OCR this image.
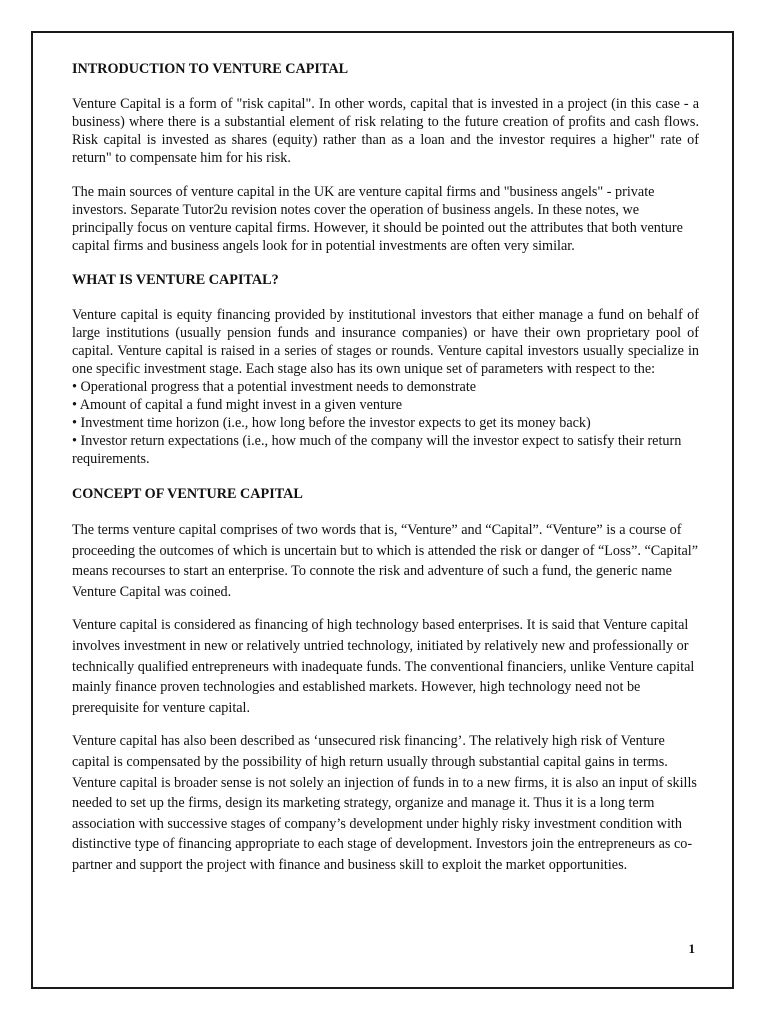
INTRODUCTION TO VENTURE CAPITAL

Venture Capital is a form of "risk capital". In other words, capital that is invested in a project (in this case - a business) where there is a substantial element of risk relating to the future creation of profits and cash flows. Risk capital is invested as shares (equity) rather than as a loan and the investor requires a higher" rate of return" to compensate him for his risk.

The main sources of venture capital in the UK are venture capital firms and "business angels" - private investors. Separate Tutor2u revision notes cover the operation of business angels. In these notes, we principally focus on venture capital firms. However, it should be pointed out the attributes that both venture capital firms and business angels look for in potential investments are often very similar.

WHAT IS VENTURE CAPITAL?

Venture capital is equity financing provided by institutional investors that either manage a fund on behalf of large institutions (usually pension funds and insurance companies) or have their own proprietary pool of capital. Venture capital is raised in a series of stages or rounds. Venture capital investors usually specialize in one specific investment stage. Each stage also has its own unique set of parameters with respect to the:

• Operational progress that a potential investment needs to demonstrate
• Amount of capital a fund might invest in a given venture
• Investment time horizon (i.e., how long before the investor expects to get its money back)
• Investor return expectations (i.e., how much of the company will the investor expect to satisfy their return requirements.
CONCEPT OF VENTURE CAPITAL

The terms venture capital comprises of two words that is, “Venture” and “Capital”. “Venture” is a course of proceeding the outcomes of which is uncertain but to which is attended the risk or danger of “Loss”. “Capital” means recourses to start an enterprise. To connote the risk and adventure of such a fund, the generic name Venture Capital was coined.

Venture capital is considered as financing of high technology based enterprises. It is said that Venture capital involves investment in new or relatively untried technology, initiated by relatively new and professionally or technically qualified entrepreneurs with inadequate funds. The conventional financiers, unlike Venture capital mainly finance proven technologies and established markets. However, high technology need not be prerequisite for venture capital.

Venture capital has also been described as ‘unsecured risk financing’. The relatively high risk of Venture capital is compensated by the possibility of high return usually through substantial capital gains in terms. Venture capital is broader sense is not solely an injection of funds in to a new firms, it is also an input of skills needed to set up the firms, design its marketing strategy, organize and manage it. Thus it is a long term association with successive stages of company’s development under highly risky investment condition with distinctive type of financing appropriate to each stage of development. Investors join the entrepreneurs as co-partner and support the project with finance and business skill to exploit the market opportunities.

1
